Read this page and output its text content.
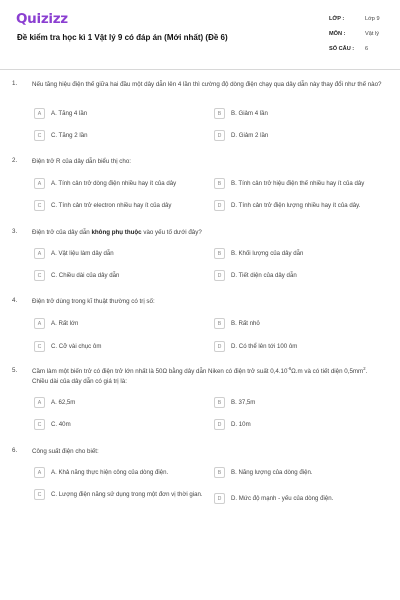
Quizizz
Đề kiểm tra học kì 1 Vật lý 9 có đáp án (Mới nhất) (Đề 6)
LỚP :	Lớp 9
MÔN :	Vật lý
SỐ CÂU : 6
1. Nếu tăng hiệu điện thế giữa hai đầu một dây dẫn lên 4 lần thì cường độ dòng điện chạy qua dây dẫn này thay đổi như thế nào?
A	A. Tăng 4 lần	B	B. Giảm 4 lần
C	C. Tăng 2 lần	D	D. Giảm 2 lần
2. Điện trở R của dây dẫn biểu thị cho:
A	A. Tính cản trở dòng điện nhiều hay ít của dây	B	B. Tính cản trở hiệu điện thế nhiều hay ít của dây
C	C. Tính cản trở electron nhiều hay ít của dây	D	D. Tính cản trở điện lượng nhiều hay ít của dây.
3. Điện trở của dây dẫn không phụ thuộc vào yếu tố dưới đây?
A	A. Vật liệu làm dây dẫn	B	B. Khối lượng của dây dẫn
C	C. Chiều dài của dây dẫn	D	D. Tiết diện của dây dẫn
4. Điện trở dùng trong kĩ thuật thường có trị số:
A	A. Rất lớn	B	B. Rất nhỏ
C	C. Cỡ vài chục ôm	D	D. Có thể lên tới 100 ôm
5. Cầm làm một biến trở có điện trở lớn nhất là 50Ω bằng dây dẫn Niken có điện trở suất $0,4.10^{-6}\Omega.m$ và có tiết diện $0,5mm^2$. Chiều dài của dây dẫn có giá trị là:
A	A. 62,5m	B	B. 37,5m
C	C. 40m	D	D. 10m
6. Công suất điện cho biết:
A	A. Khả năng thực hiện công của dòng điện.	B	B. Năng lượng của dòng điện.
C	C. Lượng điện năng sử dụng trong một đơn vị thời gian.
D	D. Mức độ mạnh - yếu của dòng điện.
